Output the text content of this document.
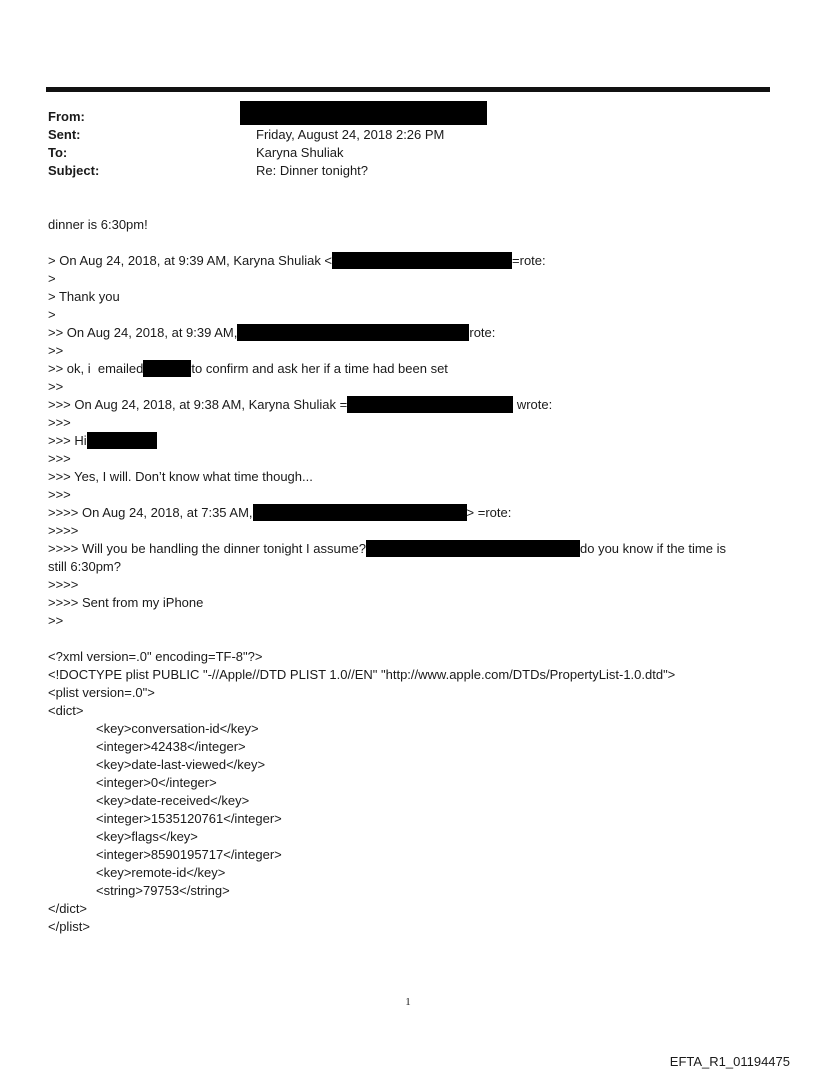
From:
Sent:	Friday, August 24, 2018 2:26 PM
To:	Karyna Shuliak
Subject:	Re: Dinner tonight?
dinner is 6:30pm!
> On Aug 24, 2018, at 9:39 AM, Karyna Shuliak <	=rote:
>
> Thank you
>
>> On Aug 24, 2018, at 9:39 AM,	rote:
>>
>> ok, i  emailed	to confirm and ask her if a time had been set
>>
>>> On Aug 24, 2018, at 9:38 AM, Karyna Shuliak =	wrote:
>>>
>>> Hi
>>>
>>> Yes, I will. Don’t know what time though...
>>>
>>>> On Aug 24, 2018, at 7:35 AM,	> =rote:
>>>>
>>>> Will you be handling the dinner tonight I assume?	do you know if the time is
still 6:30pm?
>>>>
>>>> Sent from my iPhone
>>
<?xml version=.0" encoding=TF-8"?>
<!DOCTYPE plist PUBLIC "-//Apple//DTD PLIST 1.0//EN" "http://www.apple.com/DTDs/PropertyList-1.0.dtd">
<plist version=.0">
<dict>
<key>conversation-id</key>
<integer>42438</integer>
<key>date-last-viewed</key>
<integer>0</integer>
<key>date-received</key>
<integer>1535120761</integer>
<key>flags</key>
<integer>8590195717</integer>
<key>remote-id</key>
<string>79753</string>
</dict>
</plist>
1
EFTA_R1_01194475
